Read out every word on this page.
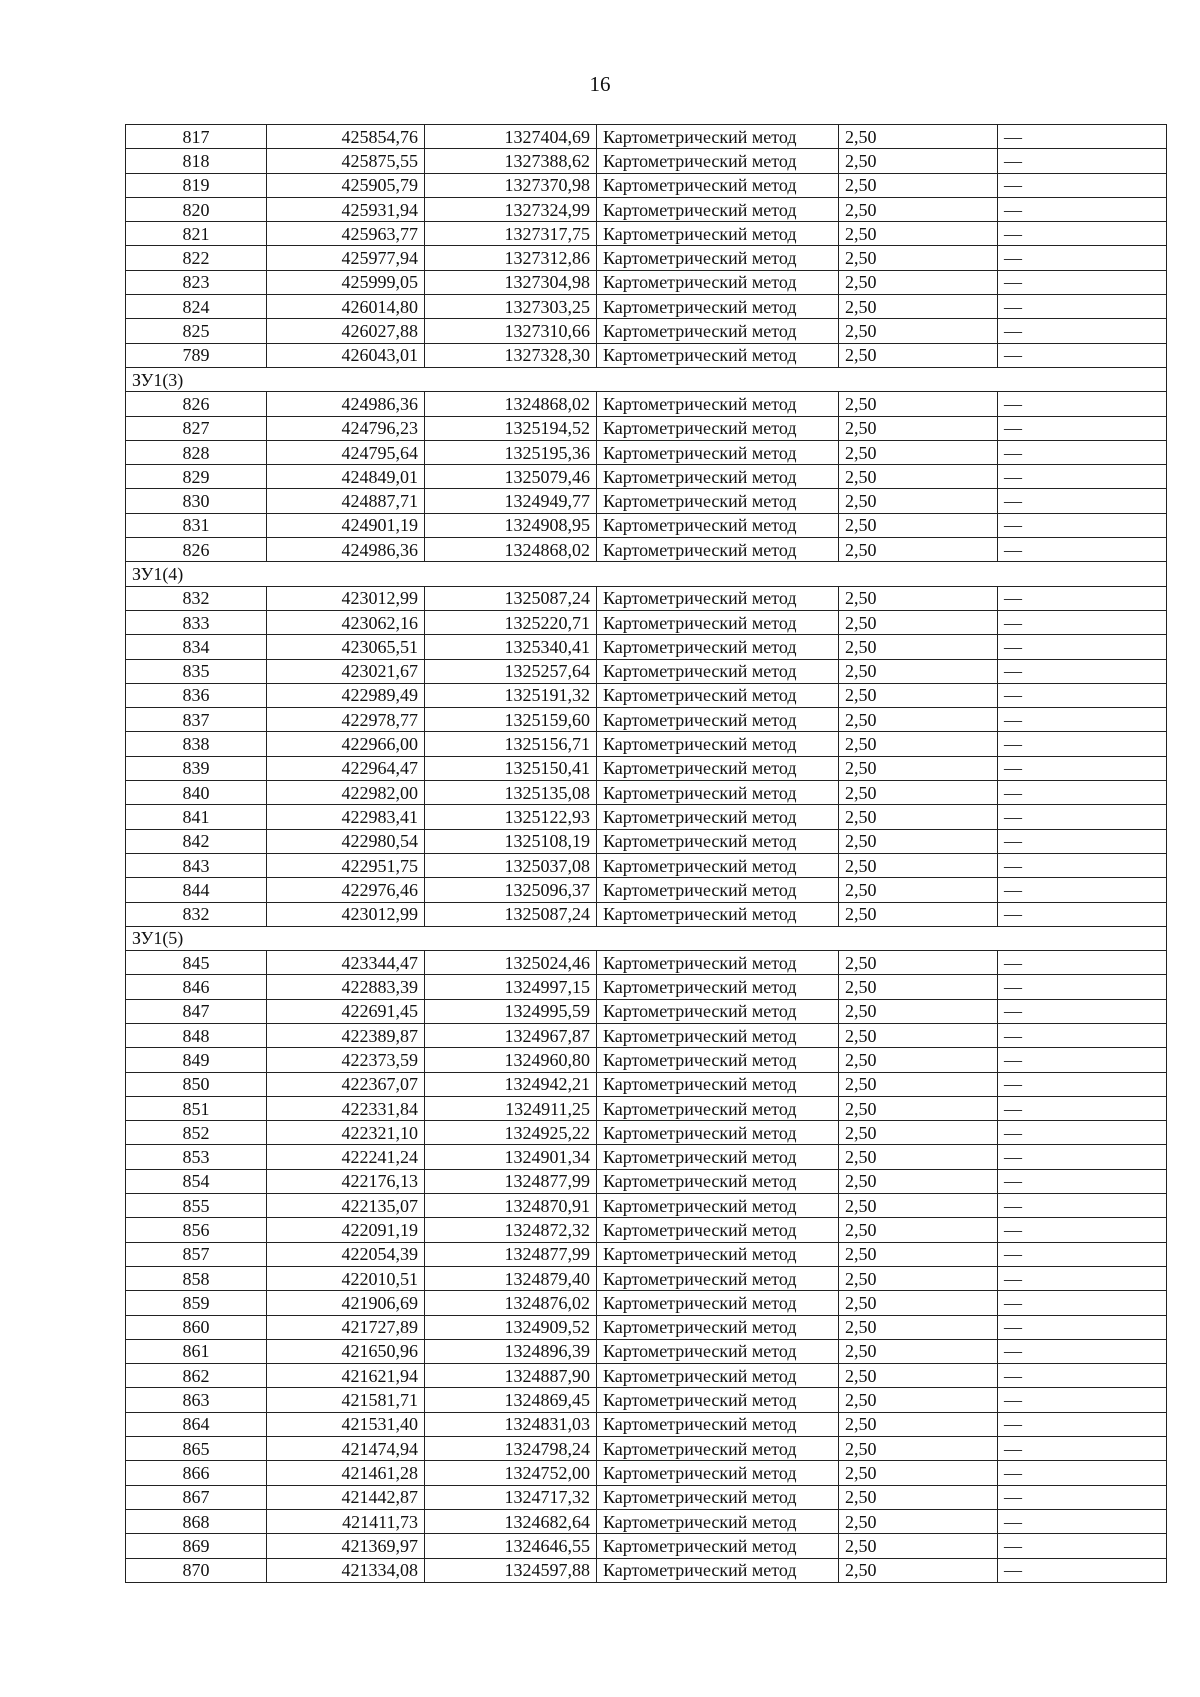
16
817	425854,76	1327404,69	Картометрический метод	2,50	—
818	425875,55	1327388,62	Картометрический метод	2,50	—
819	425905,79	1327370,98	Картометрический метод	2,50	—
820	425931,94	1327324,99	Картометрический метод	2,50	—
821	425963,77	1327317,75	Картометрический метод	2,50	—
822	425977,94	1327312,86	Картометрический метод	2,50	—
823	425999,05	1327304,98	Картометрический метод	2,50	—
824	426014,80	1327303,25	Картометрический метод	2,50	—
825	426027,88	1327310,66	Картометрический метод	2,50	—
789	426043,01	1327328,30	Картометрический метод	2,50	—
ЗУ1(3)					
826	424986,36	1324868,02	Картометрический метод	2,50	—
827	424796,23	1325194,52	Картометрический метод	2,50	—
828	424795,64	1325195,36	Картометрический метод	2,50	—
829	424849,01	1325079,46	Картометрический метод	2,50	—
830	424887,71	1324949,77	Картометрический метод	2,50	—
831	424901,19	1324908,95	Картометрический метод	2,50	—
826	424986,36	1324868,02	Картометрический метод	2,50	—
ЗУ1(4)					
832	423012,99	1325087,24	Картометрический метод	2,50	—
833	423062,16	1325220,71	Картометрический метод	2,50	—
834	423065,51	1325340,41	Картометрический метод	2,50	—
835	423021,67	1325257,64	Картометрический метод	2,50	—
836	422989,49	1325191,32	Картометрический метод	2,50	—
837	422978,77	1325159,60	Картометрический метод	2,50	—
838	422966,00	1325156,71	Картометрический метод	2,50	—
839	422964,47	1325150,41	Картометрический метод	2,50	—
840	422982,00	1325135,08	Картометрический метод	2,50	—
841	422983,41	1325122,93	Картометрический метод	2,50	—
842	422980,54	1325108,19	Картометрический метод	2,50	—
843	422951,75	1325037,08	Картометрический метод	2,50	—
844	422976,46	1325096,37	Картометрический метод	2,50	—
832	423012,99	1325087,24	Картометрический метод	2,50	—
ЗУ1(5)					
845	423344,47	1325024,46	Картометрический метод	2,50	—
846	422883,39	1324997,15	Картометрический метод	2,50	—
847	422691,45	1324995,59	Картометрический метод	2,50	—
848	422389,87	1324967,87	Картометрический метод	2,50	—
849	422373,59	1324960,80	Картометрический метод	2,50	—
850	422367,07	1324942,21	Картометрический метод	2,50	—
851	422331,84	1324911,25	Картометрический метод	2,50	—
852	422321,10	1324925,22	Картометрический метод	2,50	—
853	422241,24	1324901,34	Картометрический метод	2,50	—
854	422176,13	1324877,99	Картометрический метод	2,50	—
855	422135,07	1324870,91	Картометрический метод	2,50	—
856	422091,19	1324872,32	Картометрический метод	2,50	—
857	422054,39	1324877,99	Картометрический метод	2,50	—
858	422010,51	1324879,40	Картометрический метод	2,50	—
859	421906,69	1324876,02	Картометрический метод	2,50	—
860	421727,89	1324909,52	Картометрический метод	2,50	—
861	421650,96	1324896,39	Картометрический метод	2,50	—
862	421621,94	1324887,90	Картометрический метод	2,50	—
863	421581,71	1324869,45	Картометрический метод	2,50	—
864	421531,40	1324831,03	Картометрический метод	2,50	—
865	421474,94	1324798,24	Картометрический метод	2,50	—
866	421461,28	1324752,00	Картометрический метод	2,50	—
867	421442,87	1324717,32	Картометрический метод	2,50	—
868	421411,73	1324682,64	Картометрический метод	2,50	—
869	421369,97	1324646,55	Картометрический метод	2,50	—
870	421334,08	1324597,88	Картометрический метод	2,50	—
